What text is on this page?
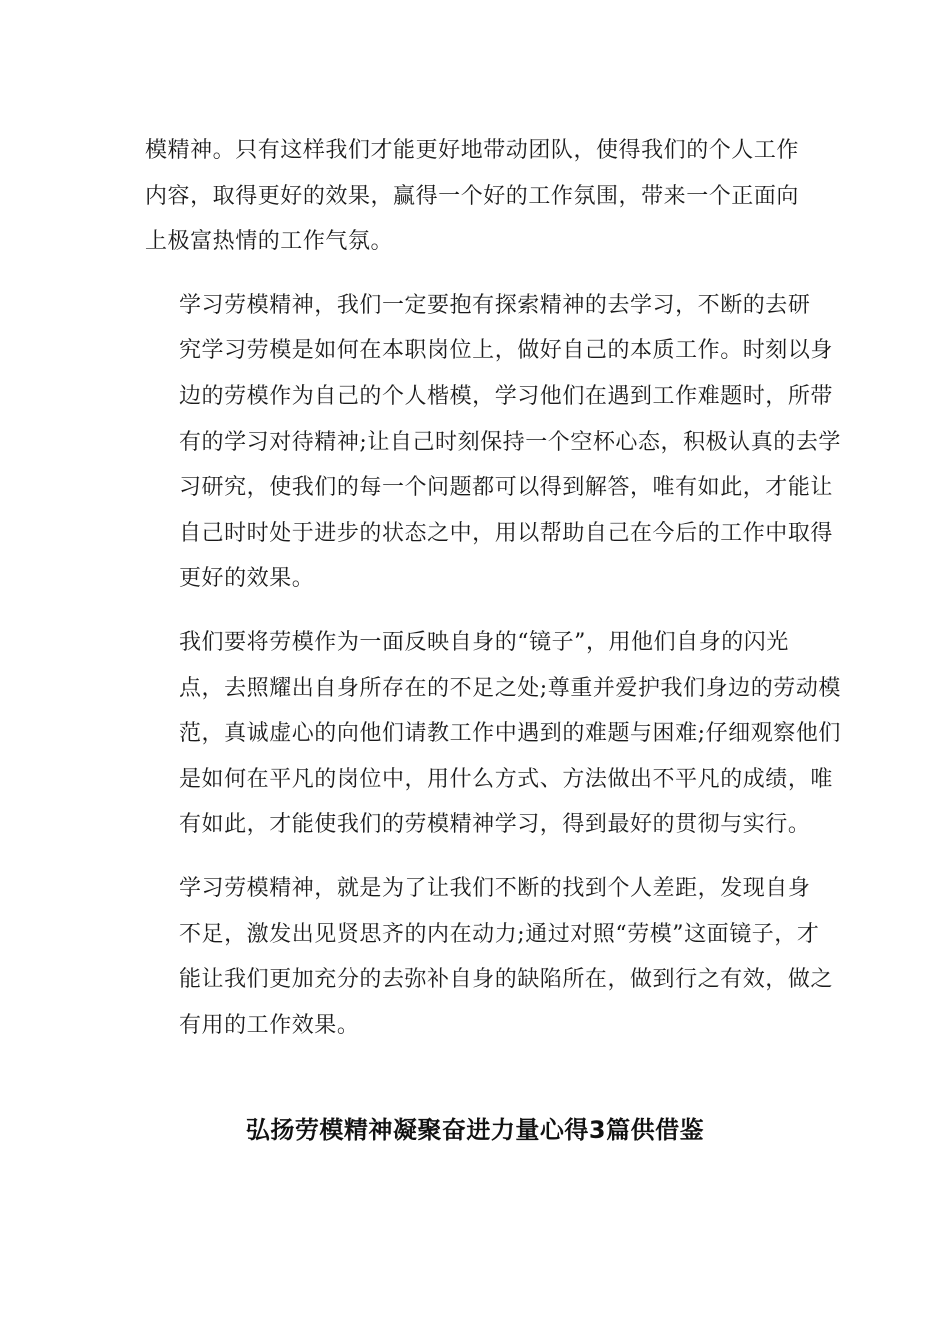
模精神。只有这样我们才能更好地带动团队，使得我们的个人工作
内容，取得更好的效果，赢得一个好的工作氛围，带来一个正面向
上极富热情的工作气氛。

学习劳模精神，我们一定要抱有探索精神的去学习，不断的去研
究学习劳模是如何在本职岗位上，做好自己的本质工作。时刻以身
边的劳模作为自己的个人楷模，学习他们在遇到工作难题时，所带
有的学习对待精神;让自己时刻保持一个空杯心态，积极认真的去学
习研究，使我们的每一个问题都可以得到解答，唯有如此，才能让
自己时时处于进步的状态之中，用以帮助自己在今后的工作中取得
更好的效果。

我们要将劳模作为一面反映自身的“镜子”，用他们自身的闪光
点，去照耀出自身所存在的不足之处;尊重并爱护我们身边的劳动模
范，真诚虚心的向他们请教工作中遇到的难题与困难;仔细观察他们
是如何在平凡的岗位中，用什么方式、方法做出不平凡的成绩，唯
有如此，才能使我们的劳模精神学习，得到最好的贯彻与实行。

学习劳模精神，就是为了让我们不断的找到个人差距，发现自身
不足，激发出见贤思齐的内在动力;通过对照“劳模”这面镜子，才
能让我们更加充分的去弥补自身的缺陷所在，做到行之有效，做之
有用的工作效果。

弘扬劳模精神凝聚奋进力量心得3篇供借鉴
